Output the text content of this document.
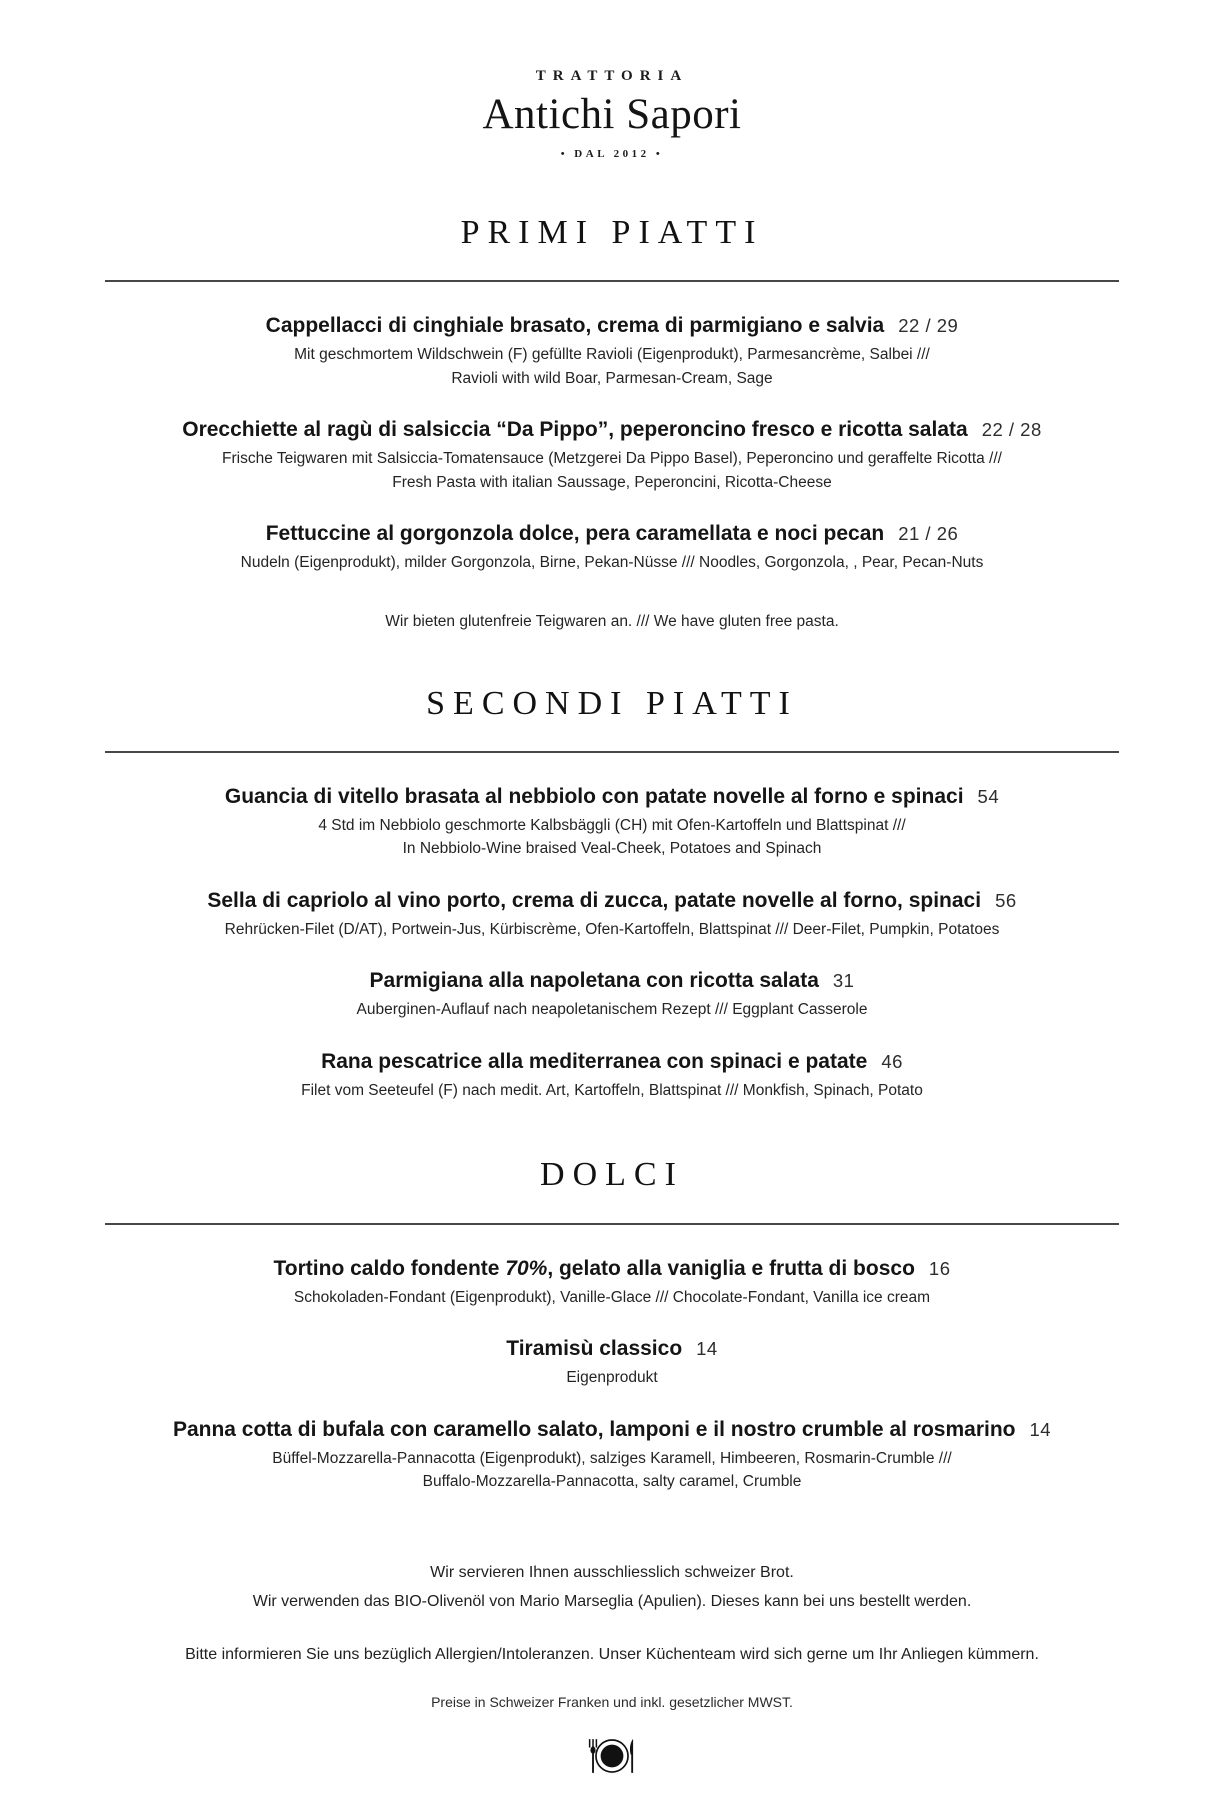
TRATTORIA
Antichi Sapori
• DAL 2012 •
PRIMI PIATTI
Cappellacci di cinghiale brasato, crema di parmigiano e salvia 22 / 29
Mit geschmortem Wildschwein (F) gefüllte Ravioli (Eigenprodukt), Parmesancrème, Salbei ///
Ravioli with wild Boar, Parmesan-Cream, Sage
Orecchiette al ragù di salsiccia “Da Pippo”, peperoncino fresco e ricotta salata 22 / 28
Frische Teigwaren mit Salsiccia-Tomatensauce (Metzgerei Da Pippo Basel), Peperoncino und geraffelte Ricotta ///
Fresh Pasta with italian Saussage, Peperoncini, Ricotta-Cheese
Fettuccine al gorgonzola dolce, pera caramellata e noci pecan 21 / 26
Nudeln (Eigenprodukt), milder Gorgonzola, Birne, Pekan-Nüsse /// Noodles, Gorgonzola, , Pear, Pecan-Nuts
Wir bieten glutenfreie Teigwaren an. /// We have gluten free pasta.
SECONDI PIATTI
Guancia di vitello brasata al nebbiolo con patate novelle al forno e spinaci 54
4 Std im Nebbiolo geschmorte Kalbsbäggli (CH) mit Ofen-Kartoffeln und Blattspinat ///
In Nebbiolo-Wine braised Veal-Cheek, Potatoes and Spinach
Sella di capriolo al vino porto, crema di zucca, patate novelle al forno, spinaci 56
Rehrücken-Filet (D/AT), Portwein-Jus, Kürbiscrème, Ofen-Kartoffeln, Blattspinat /// Deer-Filet, Pumpkin, Potatoes
Parmigiana alla napoletana con ricotta salata 31
Auberginen-Auflauf nach neapoletanischem Rezept /// Eggplant Casserole
Rana pescatrice alla mediterranea con spinaci e patate 46
Filet vom Seeteufel (F) nach medit. Art, Kartoffeln, Blattspinat /// Monkfish, Spinach, Potato
DOLCI
Tortino caldo fondente 70%, gelato alla vaniglia e frutta di bosco 16
Schokoladen-Fondant (Eigenprodukt), Vanille-Glace /// Chocolate-Fondant, Vanilla ice cream
Tiramisù classico 14
Eigenprodukt
Panna cotta di bufala con caramello salato, lamponi e il nostro crumble al rosmarino 14
Büffel-Mozzarella-Pannacotta (Eigenprodukt), salziges Karamell, Himbeeren, Rosmarin-Crumble ///
Buffalo-Mozzarella-Pannacotta, salty caramel, Crumble
Wir servieren Ihnen ausschliesslich schweizer Brot.
Wir verwenden das BIO-Olivenöl von Mario Marseglia (Apulien). Dieses kann bei uns bestellt werden.
Bitte informieren Sie uns bezüglich Allergien/Intoleranzen. Unser Küchenteam wird sich gerne um Ihr Anliegen kümmern.
Preise in Schweizer Franken und inkl. gesetzlicher MWST.
